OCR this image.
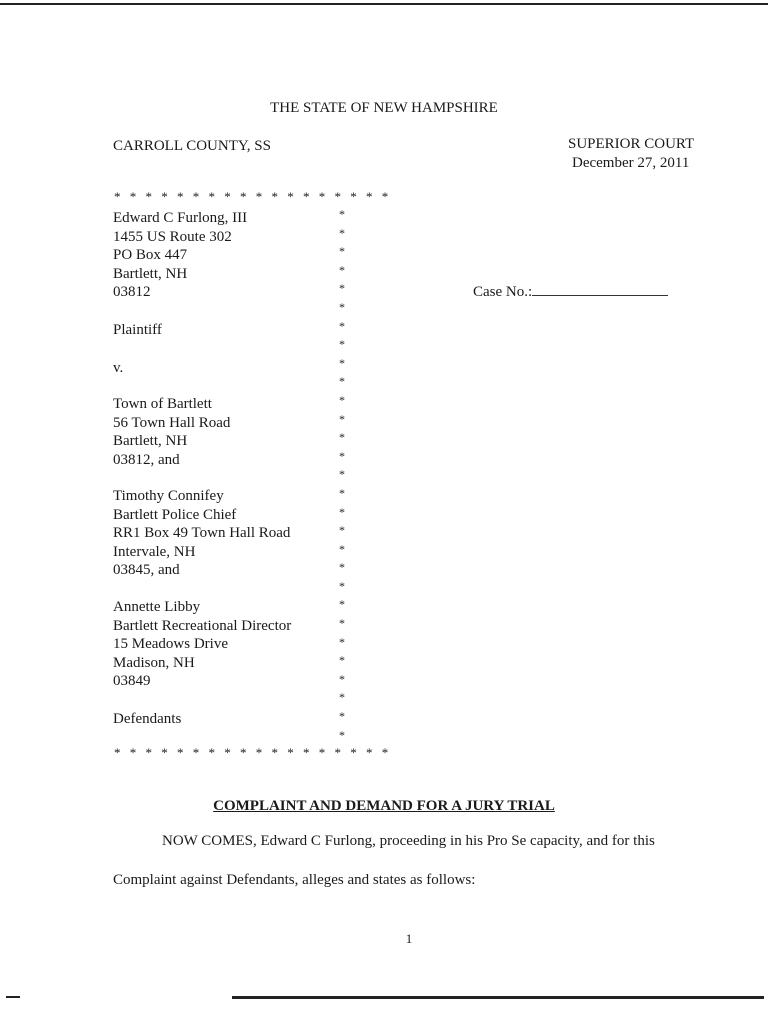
THE STATE OF NEW HAMPSHIRE
CARROLL COUNTY, SS	SUPERIOR COURT
December 27, 2011
* * * * * * * * * * * * * * * * * *
Edward C Furlong, III
1455 US Route 302
PO Box 447
Bartlett, NH
03812
Plaintiff
v.
Town of Bartlett
56 Town Hall Road
Bartlett, NH
03812, and
Timothy Connifey
Bartlett Police Chief
RR1 Box 49 Town Hall Road
Intervale, NH
03845, and
Annette Libby
Bartlett Recreational Director
15 Meadows Drive
Madison, NH
03849
Defendants
*
*
*
*
*
*
*
*
*
*
*
*
*
*
*
*
*
*
*
*
*
*
*
*
*
*
*
*
*
* * * * * * * * * * * * * * * * * *
Case No.:
COMPLAINT AND DEMAND FOR A JURY TRIAL
NOW COMES, Edward C Furlong, proceeding in his Pro Se capacity, and for this
Complaint against Defendants, alleges and states as follows:
1
